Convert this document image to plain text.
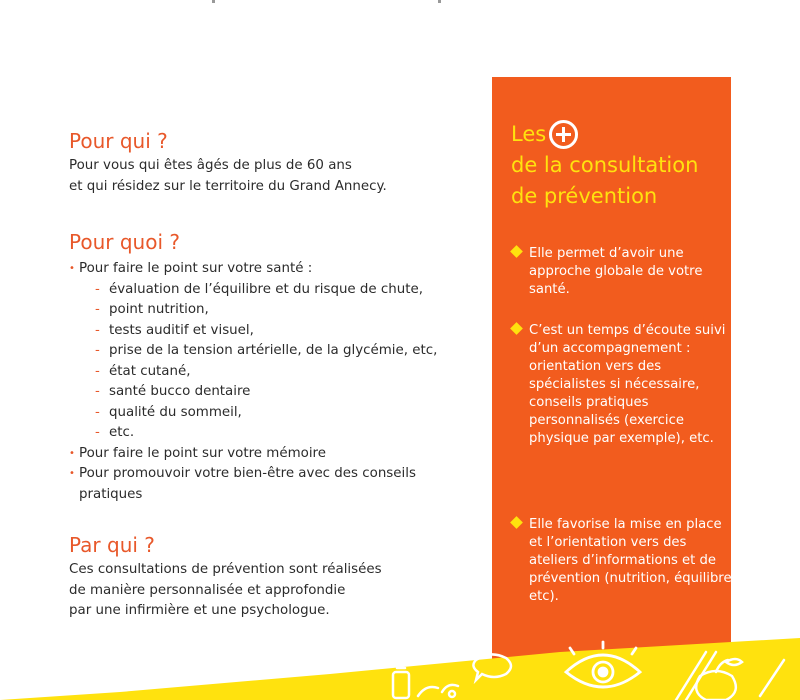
Pour qui ?

Pour vous qui êtes âgés de plus de 60 ans
et qui résidez sur le territoire du Grand Annecy.

Pour quoi ?
• Pour faire le point sur votre santé :
- évaluation de l’équilibre et du risque de chute,
- point nutrition,
- tests auditif et visuel,
- prise de la tension artérielle, de la glycémie, etc,
- état cutané,
- santé bucco dentaire
- qualité du sommeil,
- etc.
• Pour faire le point sur votre mémoire
• Pour promouvoir votre bien-être avec des conseils pratiques
Par qui ?

Ces consultations de prévention sont réalisées
de manière personnalisée et approfondie
par une infirmière et une psychologue.

Les
de la consultation
de prévention

Elle permet d’avoir une approche globale de votre santé.

C’est un temps d’écoute suivi d’un accompagnement : orientation vers des spécialistes si nécessaire, conseils pratiques personnalisés (exercice physique par exemple), etc.

Elle favorise la mise en place et l’orientation vers des ateliers d’informations et de prévention (nutrition, équilibre, etc).
